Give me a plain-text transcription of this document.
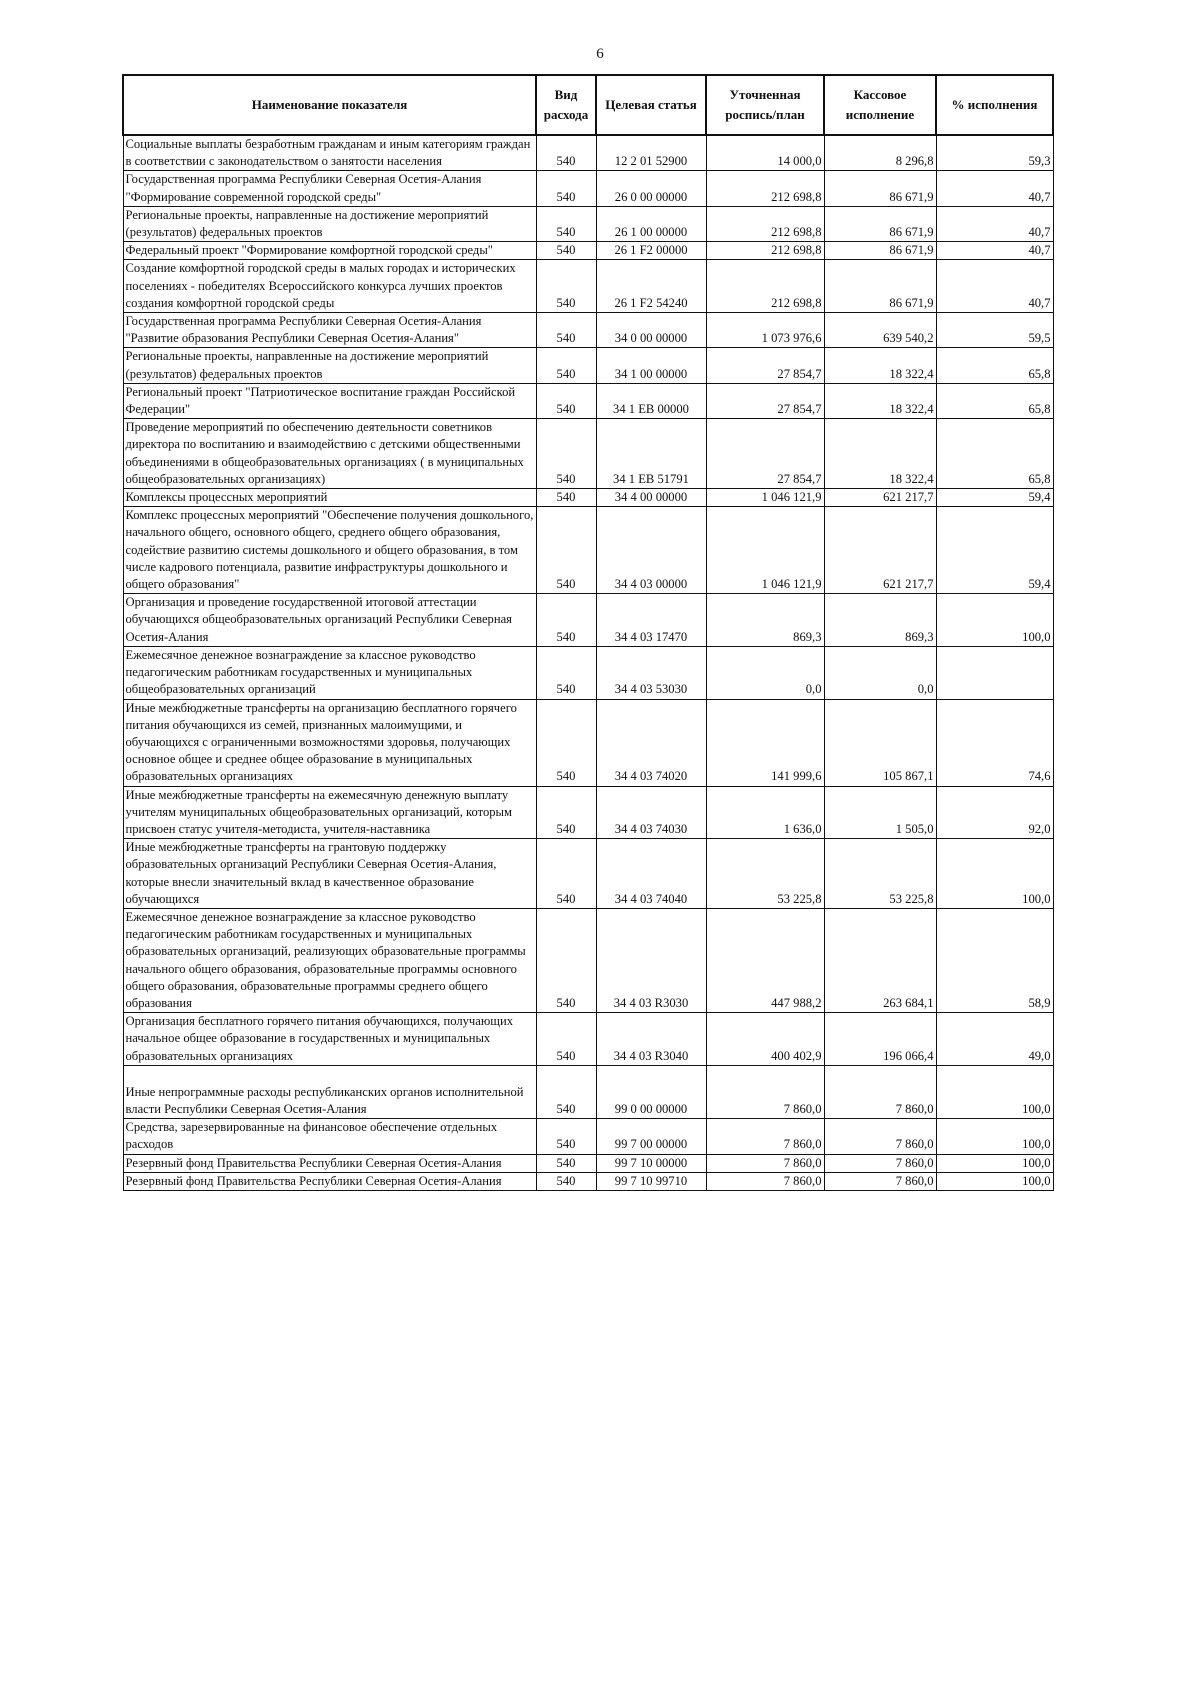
6
Наименование показателя	Вид расхода	Целевая статья	Уточненная роспись/план	Кассовое исполнение	% исполнения
Социальные выплаты безработным гражданам и иным категориям граждан в соответствии с законодательством о занятости населения	540	12 2 01 52900	14 000,0	8 296,8	59,3
Государственная программа Республики Северная Осетия-Алания "Формирование современной городской среды"	540	26 0 00 00000	212 698,8	86 671,9	40,7
Региональные проекты, направленные на достижение мероприятий (результатов) федеральных проектов	540	26 1 00 00000	212 698,8	86 671,9	40,7
Федеральный проект "Формирование комфортной городской среды"	540	26 1 F2 00000	212 698,8	86 671,9	40,7
Создание комфортной городской среды в малых городах и исторических поселениях - победителях Всероссийского конкурса лучших проектов создания комфортной городской среды	540	26 1 F2 54240	212 698,8	86 671,9	40,7
Государственная программа Республики Северная Осетия-Алания "Развитие образования Республики Северная Осетия-Алания"	540	34 0 00 00000	1 073 976,6	639 540,2	59,5
Региональные проекты, направленные на достижение мероприятий (результатов) федеральных проектов	540	34 1 00 00000	27 854,7	18 322,4	65,8
Региональный проект "Патриотическое воспитание граждан Российской Федерации"	540	34 1 EB 00000	27 854,7	18 322,4	65,8
Проведение мероприятий по обеспечению деятельности советников директора по воспитанию и взаимодействию с детскими общественными объединениями в общеобразовательных организациях ( в муниципальных общеобразовательных организациях)	540	34 1 EB 51791	27 854,7	18 322,4	65,8
Комплексы процессных мероприятий	540	34 4 00 00000	1 046 121,9	621 217,7	59,4
Комплекс процессных мероприятий "Обеспечение получения дошкольного, начального общего, основного общего, среднего общего образования, содействие развитию системы дошкольного и общего образования, в том числе кадрового потенциала, развитие инфраструктуры дошкольного и общего образования"	540	34 4 03 00000	1 046 121,9	621 217,7	59,4
Организация и проведение государственной итоговой аттестации обучающихся общеобразовательных организаций Республики Северная Осетия-Алания	540	34 4 03 17470	869,3	869,3	100,0
Ежемесячное денежное вознаграждение за классное руководство педагогическим работникам государственных и муниципальных общеобразовательных организаций	540	34 4 03 53030	0,0	0,0	
Иные межбюджетные трансферты на организацию бесплатного горячего питания обучающихся из семей, признанных малоимущими, и обучающихся с ограниченными возможностями здоровья, получающих основное общее и среднее общее образование в муниципальных образовательных организациях	540	34 4 03 74020	141 999,6	105 867,1	74,6
Иные межбюджетные трансферты на ежемесячную денежную выплату учителям муниципальных общеобразовательных организаций, которым присвоен статус учителя-методиста, учителя-наставника	540	34 4 03 74030	1 636,0	1 505,0	92,0
Иные межбюджетные трансферты на грантовую поддержку образовательных организаций Республики Северная Осетия-Алания, которые внесли значительный вклад в качественное образование обучающихся	540	34 4 03 74040	53 225,8	53 225,8	100,0
Ежемесячное денежное вознаграждение за классное руководство педагогическим работникам государственных и муниципальных образовательных организаций, реализующих образовательные программы начального общего образования, образовательные программы основного общего образования, образовательные программы среднего общего образования	540	34 4 03 R3030	447 988,2	263 684,1	58,9
Организация бесплатного горячего питания обучающихся, получающих начальное общее образование в государственных и муниципальных образовательных организациях	540	34 4 03 R3040	400 402,9	196 066,4	49,0
Иные непрограммные расходы республиканских органов исполнительной власти Республики Северная Осетия-Алания	540	99 0 00 00000	7 860,0	7 860,0	100,0
Средства, зарезервированные на финансовое обеспечение отдельных расходов	540	99 7 00 00000	7 860,0	7 860,0	100,0
Резервный фонд Правительства Республики Северная Осетия-Алания	540	99 7 10 00000	7 860,0	7 860,0	100,0
Резервный фонд Правительства Республики Северная Осетия-Алания	540	99 7 10 99710	7 860,0	7 860,0	100,0
